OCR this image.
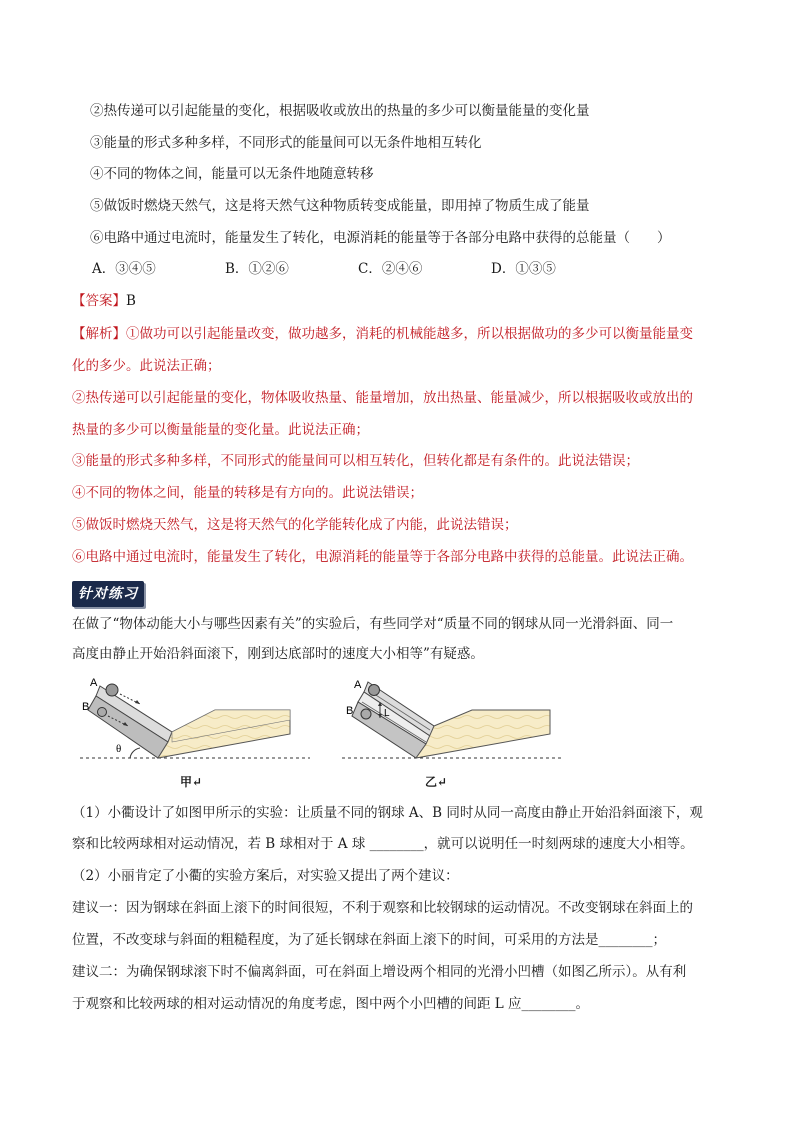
②热传递可以引起能量的变化，根据吸收或放出的热量的多少可以衡量能量的变化量
③能量的形式多种多样，不同形式的能量间可以无条件地相互转化
④不同的物体之间，能量可以无条件地随意转移
⑤做饭时燃烧天然气，这是将天然气这种物质转变成能量，即用掉了物质生成了能量
⑥电路中通过电流时，能量发生了转化，电源消耗的能量等于各部分电路中获得的总能量（　　）
A．③④⑤	B．①②⑥	C．②④⑥	D．①③⑤
【答案】B
【解析】①做功可以引起能量改变，做功越多，消耗的机械能越多，所以根据做功的多少可以衡量能量变
化的多少。此说法正确；
②热传递可以引起能量的变化，物体吸收热量、能量增加，放出热量、能量减少，所以根据吸收或放出的
热量的多少可以衡量能量的变化量。此说法正确；
③能量的形式多种多样，不同形式的能量间可以相互转化，但转化都是有条件的。此说法错误；
④不同的物体之间，能量的转移是有方向的。此说法错误；
⑤做饭时燃烧天然气，这是将天然气的化学能转化成了内能，此说法错误；
⑥电路中通过电流时，能量发生了转化，电源消耗的能量等于各部分电路中获得的总能量。此说法正确。
针对练习
在做了“物体动能大小与哪些因素有关”的实验后，有些同学对“质量不同的钢球从同一光滑斜面、同一
高度由静止开始沿斜面滚下，刚到达底部时的速度大小相等”有疑惑。
A
B
θ
甲↵
A
B	L
乙↵
（1）小衢设计了如图甲所示的实验：让质量不同的钢球 A、B 同时从同一高度由静止开始沿斜面滚下，观
察和比较两球相对运动情况，若 B 球相对于 A 球 ________，就可以说明任一时刻两球的速度大小相等。
（2）小丽肯定了小衢的实验方案后，对实验又提出了两个建议：
建议一：因为钢球在斜面上滚下的时间很短，不利于观察和比较钢球的运动情况。不改变钢球在斜面上的
位置，不改变球与斜面的粗糙程度，为了延长钢球在斜面上滚下的时间，可采用的方法是________；
建议二：为确保钢球滚下时不偏离斜面，可在斜面上增设两个相同的光滑小凹槽（如图乙所示）。从有利
于观察和比较两球的相对运动情况的角度考虑，图中两个小凹槽的间距 L 应________。
